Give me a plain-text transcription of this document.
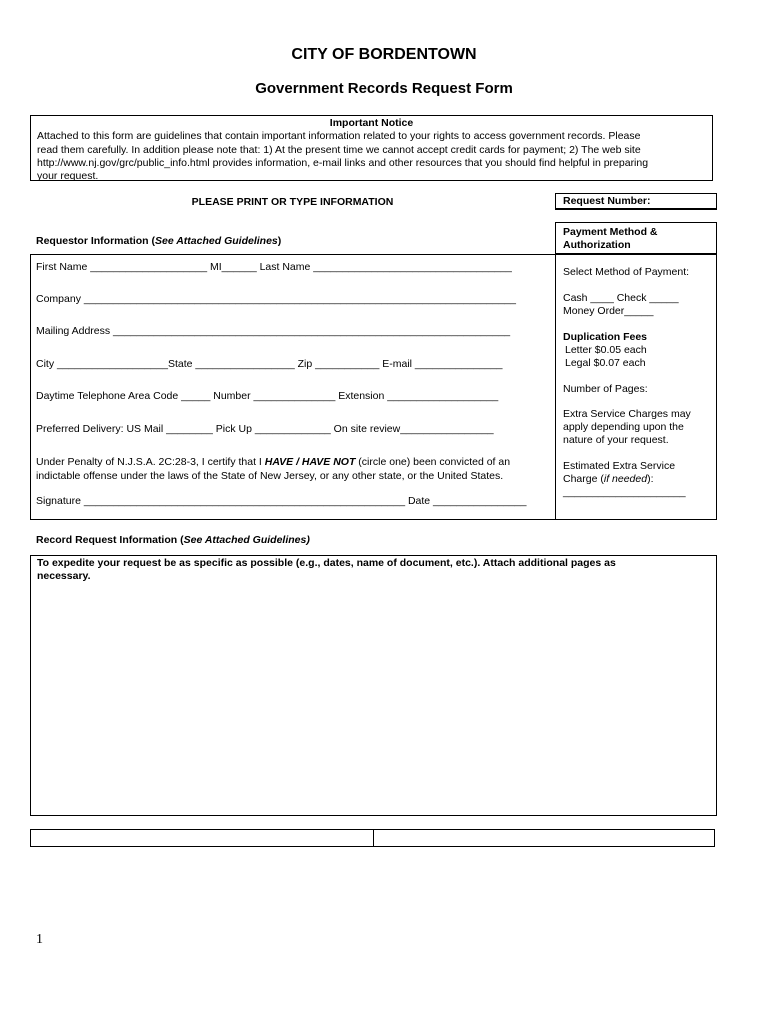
CITY OF BORDENTOWN
Government Records Request Form
Important Notice
Attached to this form are guidelines that contain important information related to your rights to access government records. Please
read them carefully. In addition please note that: 1) At the present time we cannot accept credit cards for payment; 2) The web site
http://www.nj.gov/grc/public_info.html provides information, e-mail links and other resources that you should find helpful in preparing
your request.
PLEASE PRINT OR TYPE INFORMATION	Request Number:
Requestor Information (See Attached Guidelines)
Payment Method &
Authorization
First Name ____________________ MI______ Last Name __________________________________
Company __________________________________________________________________________
Mailing Address ____________________________________________________________________
City ___________________State _________________ Zip ___________ E-mail _______________
Daytime Telephone Area Code _____ Number ______________ Extension ___________________
Preferred Delivery: US Mail ________ Pick Up _____________ On site review________________
Under Penalty of N.J.S.A. 2C:28-3, I certify that I HAVE / HAVE NOT (circle one) been convicted of an
indictable offense under the laws of the State of New Jersey, or any other state, or the United States.
Signature _______________________________________________________ Date ________________
Select Method of Payment:
Cash ____ Check _____
Money Order_____
Duplication Fees
Letter $0.05 each
Legal $0.07 each
Number of Pages:
Extra Service Charges may
apply depending upon the
nature of your request.
Estimated Extra Service
Charge (if needed):
_____________________
Record Request Information (See Attached Guidelines)
To expedite your request be as specific as possible (e.g., dates, name of document, etc.). Attach additional pages as
necessary.
1
